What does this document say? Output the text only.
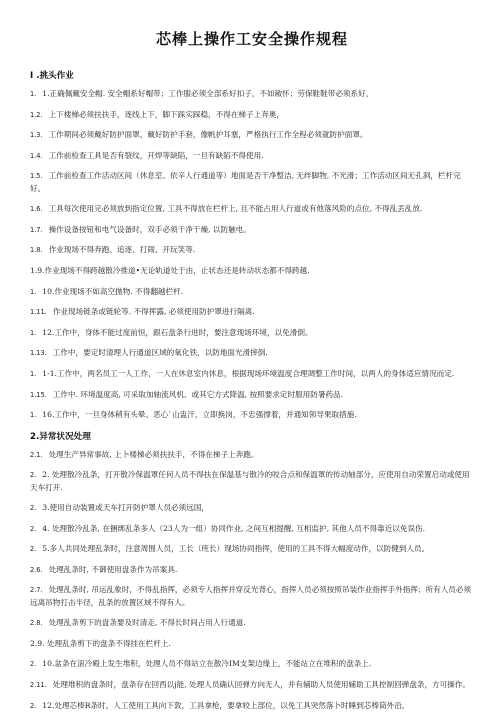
芯棒上操作工安全操作规程
Ⅰ .挑头作业
1. 1.正确佩戴安全帽. 安全帽系好帽带；工作服必须全部系好扣子，不如敞怀；劳保鞋鞋带必须系好，
1.2. 上下楼梯必须扶扶手，逐线上下，脚下踩实踩稳，不得在梯子上奔奥，
1.3. 工作期间必须戴好防护面罩，戴好防护手套，像帆护耳塞，严格执行工作全程必须就防护面罩。
1.4. 工作前检查工具是否有裂纹，开焊等缺陷，一旦有缺陷不得使用.
1.5. 工作前检查工作活动区间（休息室、依辛人行通道等）地面是否干净整洁, 无绊脚物, 不光滑；工作活动区间无孔洞，栏杆完好。
1.6. 工具每次使用完必须放到指定位置, 工具不得放在栏杆上, 且不能占用人行道或有他落风险的点位, 不得乱丢乱放.
1.7. 操作设备按钮和电气设备时，双手必须干净干燥, 以防触电。
1.8. 作业现场不得奔跑、追逐、打闹、开玩笑等.
1.9.作业现场不得跨越散冷推道•无论轨道处于由，止状态还是转动状态都不得跨越.
1. 10.作业现场不如高空抛物. 不得翻越栏杆.
1.11. 作业现场链条或链轮等. 不得挥露, 必须使用防护罩进行隔离.
1. 12.工作中，身体不能过度前恒，跟石盘条行进时，要注意现场环境，以免滑倒。
1.13. 工作中，要定时清理人行通道区域的氧化铁，以防地面光滑摔倒.
1. 1-1.工作中，两名员工一人工作，一人在休息室内休息，根据现场环境温度合理调整工作时间，以两人的身体适应情况而定.
1.15. 工作中. 环境温度高, 可采取加轴流风机、或其它方式降温, 按照要求定时服用防暑药品.
1. 16.工作中，一旦身体稍有头晕、恶心`山盅汗，立即换岗，不忠强撑着，并通知领导果取措施.
2.异常状况处理
2.1. 处理生产异常事故, 上卜楼梯必须扶扶手，不得在梯子上奔跑。
2. 2. 处理散冷乱条，打开散冷保温罩任何人员不得扶在保温基与散冷的咬合点和保温罩的传动轴部分，应使用自动荣置启动或使用天车打开.
2. 3.使用自动装置或天车打开防护罩人员必须远国，
2. 4. 处理散冷乱条, 在捆绑乱条多人（23人为一组）协同作业, 之间互相提醒, 互相监护, 其他人员不得靠近以免误伤.
2. 5.多人共同处理乱条时，注意周围人员，工长（班长）现场协同指挥，使用的工具不得大幅度动作，以防健到人员。
2.6. 处理乱条时, 不御使用盘条作为吊案具.
2.7. 处理乱条时, 吊运乱象时，不得乱指挥，必须专人指挥并穿反光背心，指挥人员必须按照吊装作业指挥手外指挥；所有人员必须远离吊物打击半径，乱条的放置区域不得有人。
2.8. 处理乱条剪下的盘条要及时清走, 不得长时间占用人行通道.
2.9. 处理乱条剪下的盘条不得挂在栏杆上.
2. 10.盆条在滚冷殿上发生堆积，处理人员不得站立在散冷IM支架边缘上，不能站立在堆积的盘条上.
2.11. 处理堆积的盘条时，盘条存在回西以j能, 处理人员确认回弹方向无人，并有辅助人员使用辅助工具控制回弹盘条，方可操作。
2. 12.处理芯棒R条时，人工使用工具向下敦，工具拿枪，要拿较上部位，以免工具突然落卜时睡到芯棒筒外沿。
